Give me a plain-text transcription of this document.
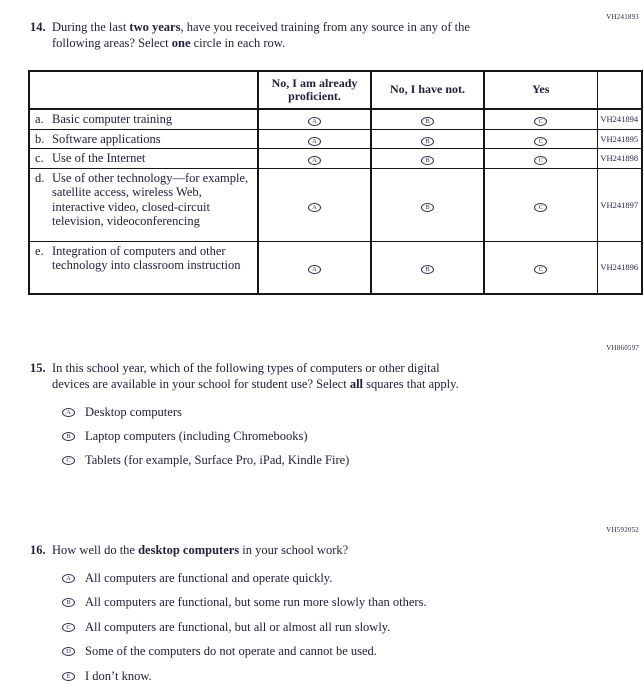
VH241893
14. During the last two years, have you received training from any source in any of the
following areas? Select one circle in each row.
	No, I am already proficient.	No, I have not.	Yes	

a. Basic computer training	A	B	C	VH241894

b. Software applications	A	B	C	VH241895

c. Use of the Internet	A	B	C	VH241898

d. Use of other technology—for example, satellite access, wireless Web, interactive video, closed-circuit television, videoconferencing	A	B	C	VH241897

e. Integration of computers and other technology into classroom instruction	A	B	C	VH241896
VH860597
15. In this school year, which of the following types of computers or other digital
devices are available in your school for student use? Select all squares that apply.
A	Desktop computers
B	Laptop computers (including Chromebooks)
C	Tablets (for example, Surface Pro, iPad, Kindle Fire)
VH592052
16. How well do the desktop computers in your school work?
A	All computers are functional and operate quickly.
B	All computers are functional, but some run more slowly than others.
C	All computers are functional, but all or almost all run slowly.
D	Some of the computers do not operate and cannot be used.
E	I don’t know.
